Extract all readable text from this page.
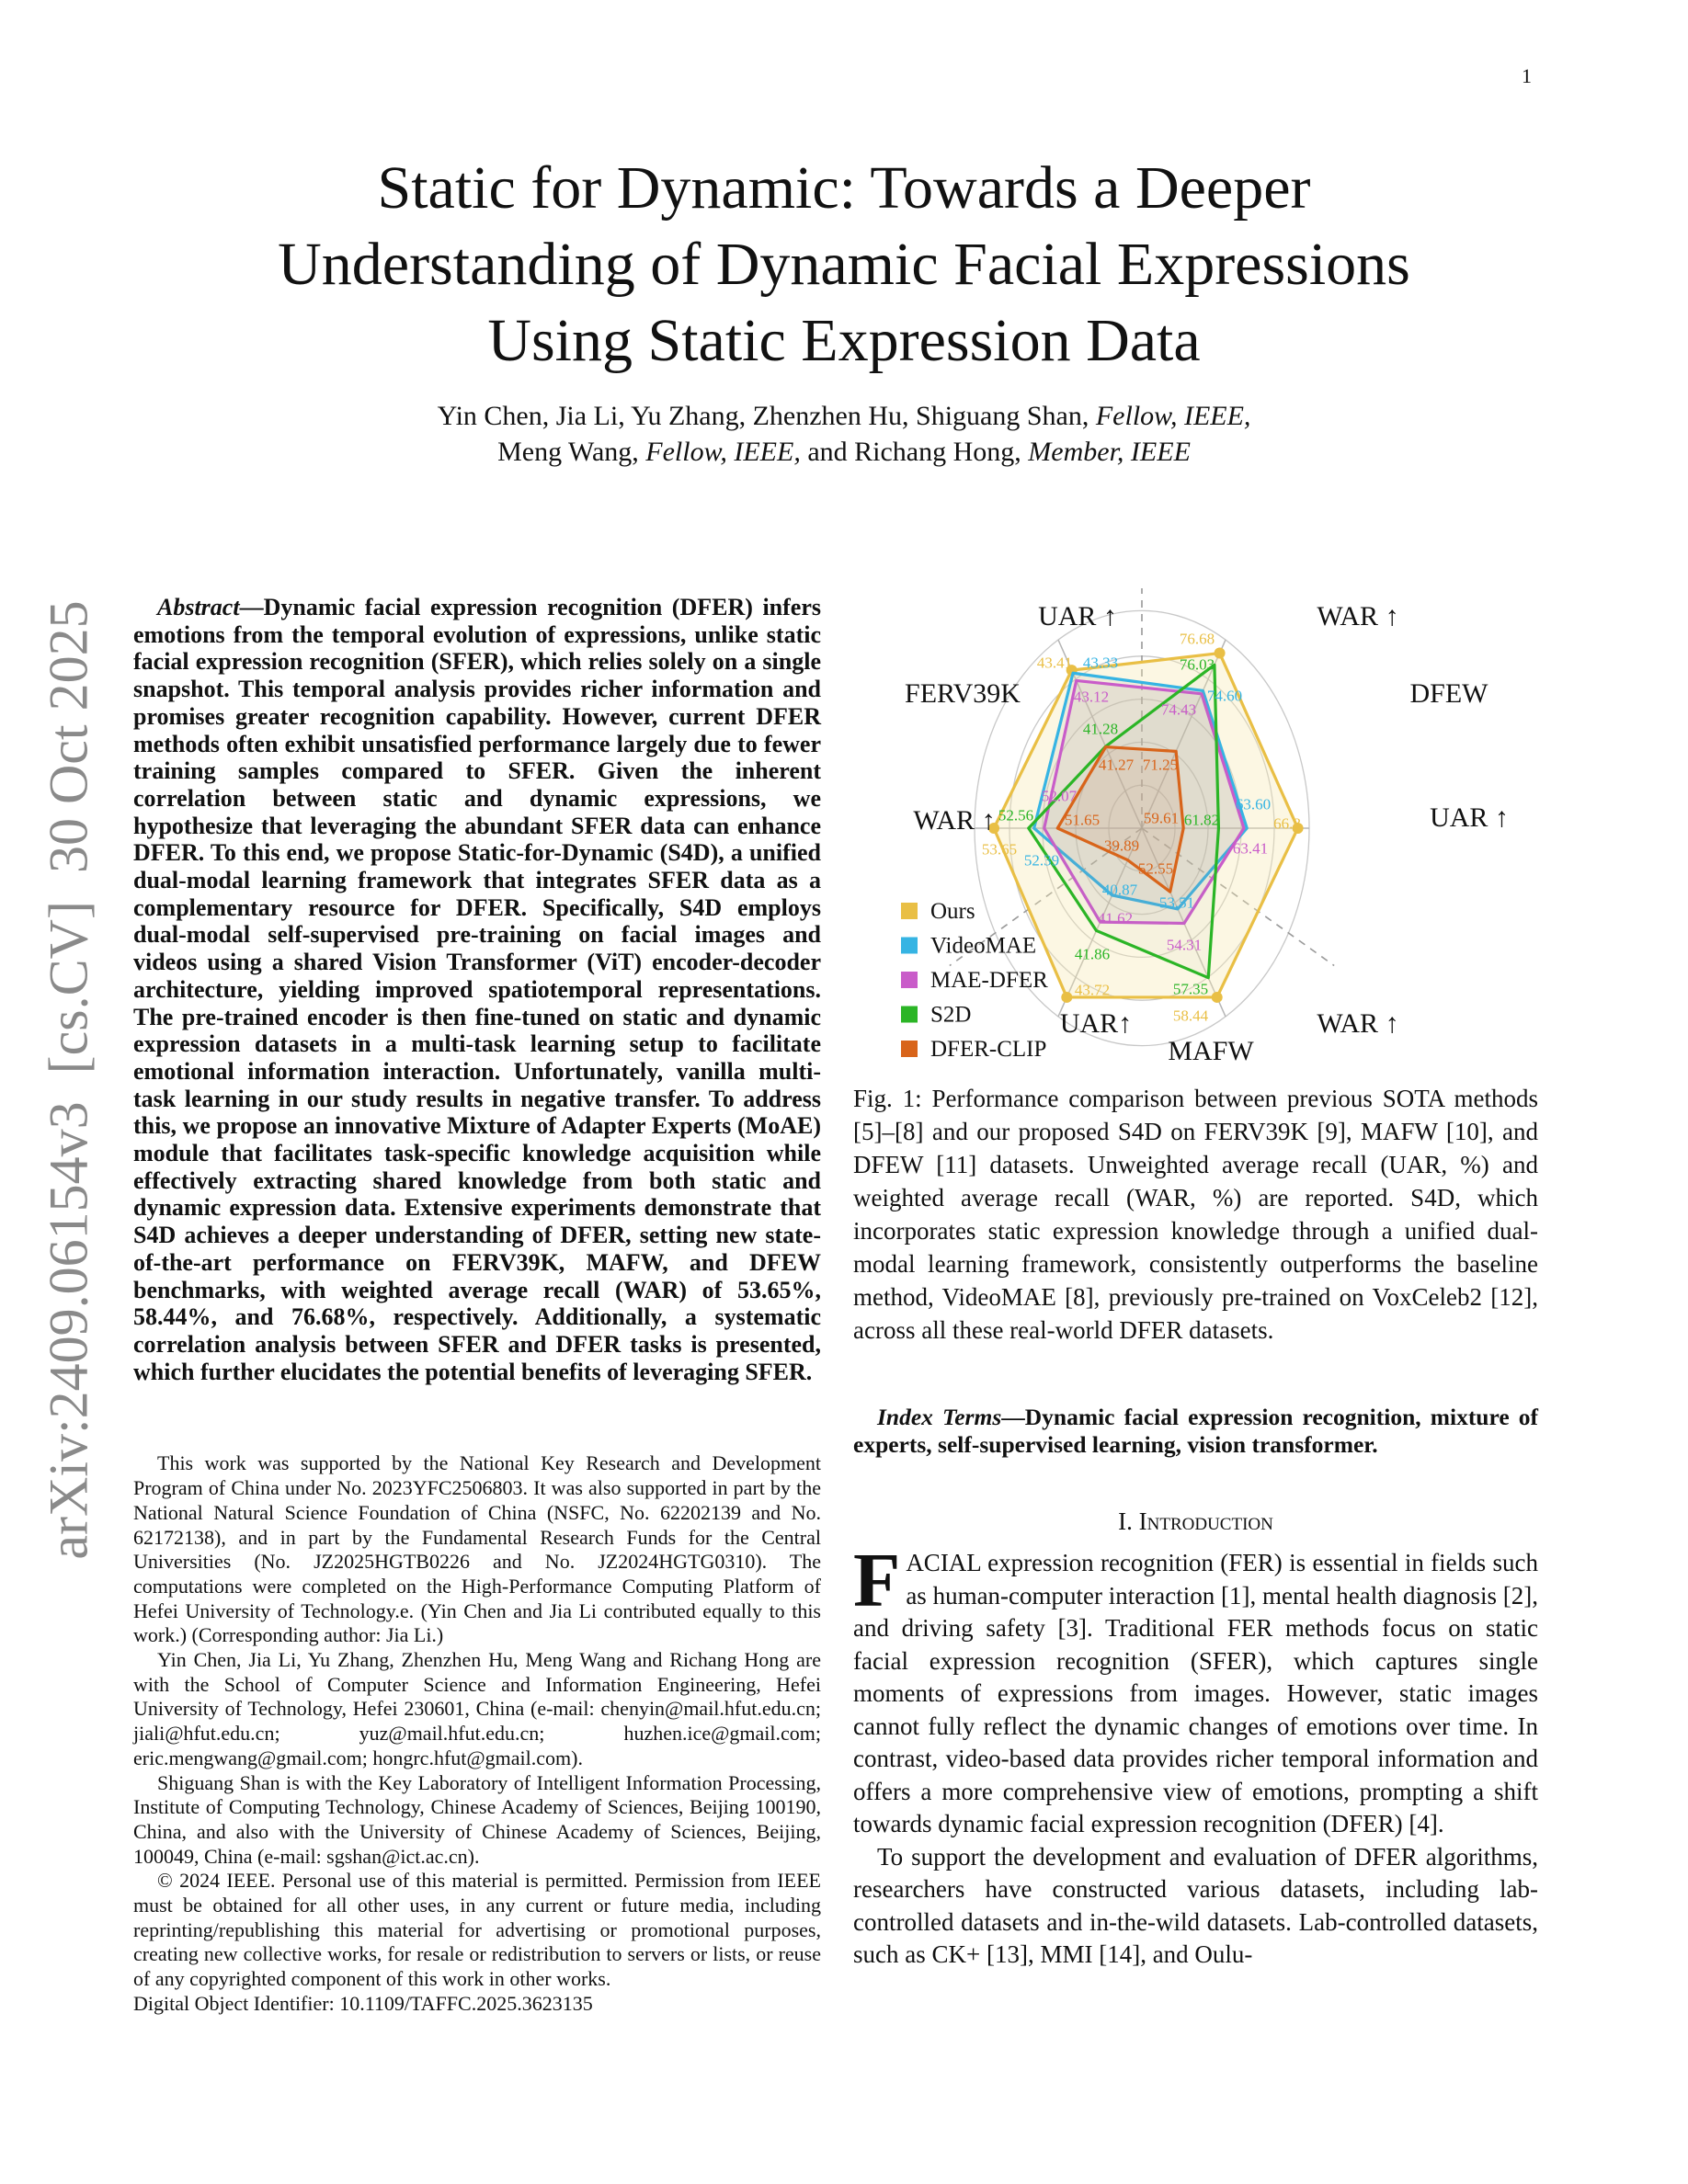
1
Static for Dynamic: Towards a Deeper
Understanding of Dynamic Facial Expressions
Using Static Expression Data
Yin Chen, Jia Li, Yu Zhang, Zhenzhen Hu, Shiguang Shan, Fellow, IEEE,
Meng Wang, Fellow, IEEE, and Richang Hong, Member, IEEE
arXiv:2409.06154v3  [cs.CV]  30 Oct 2025	Abstract—Dynamic facial expression recognition (DFER) infers emotions from the temporal evolution of expressions, unlike static facial expression recognition (SFER), which relies solely on a single snapshot. This temporal analysis provides richer information and promises greater recognition capability. However, current DFER methods often exhibit unsatisfied performance largely due to fewer training samples compared to SFER. Given the inherent correlation between static and dynamic expressions, we hypothesize that leveraging the abundant SFER data can enhance DFER. To this end, we propose Static-for-Dynamic (S4D), a unified dual-modal learning framework that integrates SFER data as a complementary resource for DFER. Specifically, S4D employs dual-modal self-supervised pre-training on facial images and videos using a shared Vision Transformer (ViT) encoder-decoder architecture, yielding improved spatiotemporal representations. The pre-trained encoder is then fine-tuned on static and dynamic expression datasets in a multi-task learning setup to facilitate emotional information interaction. Unfortunately, vanilla multi-task learning in our study results in negative transfer. To address this, we propose an innovative Mixture of Adapter Experts (MoAE) module that facilitates task-specific knowledge acquisition while effectively extracting shared knowledge from both static and dynamic expression data. Extensive experiments demonstrate that S4D achieves a deeper understanding of DFER, setting new state-of-the-art performance on FERV39K, MAFW, and DFEW benchmarks, with weighted average recall (WAR) of 53.65%, 58.44%, and 76.68%, respectively. Additionally, a systematic correlation analysis between SFER and DFER tasks is presented, which further elucidates the potential benefits of leveraging SFER.

This work was supported by the National Key Research and Development Program of China under No. 2023YFC2506803. It was also supported in part by the National Natural Science Foundation of China (NSFC, No. 62202139 and No. 62172138), and in part by the Fundamental Research Funds for the Central Universities (No. JZ2025HGTB0226 and No. JZ2024HGTG0310). The computations were completed on the High-Performance Computing Platform of Hefei University of Technology.e. (Yin Chen and Jia Li contributed equally to this work.) (Corresponding author: Jia Li.)

Yin Chen, Jia Li, Yu Zhang, Zhenzhen Hu, Meng Wang and Richang Hong are with the School of Computer Science and Information Engineering, Hefei University of Technology, Hefei 230601, China (e-mail: chenyin@mail.hfut.edu.cn; jiali@hfut.edu.cn; yuz@mail.hfut.edu.cn; huzhen.ice@gmail.com; eric.mengwang@gmail.com; hongrc.hfut@gmail.com).

Shiguang Shan is with the Key Laboratory of Intelligent Information Processing, Institute of Computing Technology, Chinese Academy of Sciences, Beijing 100190, China, and also with the University of Chinese Academy of Sciences, Beijing, 100049, China (e-mail: sgshan@ict.ac.cn).

© 2024 IEEE. Personal use of this material is permitted. Permission from IEEE must be obtained for all other uses, in any current or future media, including reprinting/republishing this material for advertising or promotional purposes, creating new collective works, for resale or redistribution to servers or lists, or reuse of any copyrighted component of this work in other works.

Digital Object Identifier: 10.1109/TAFFC.2025.3623135

66.8
76.68
43.41
53.65
43.72
58.44
63.60
74.60
43.33
52.39
40.87
53.51
63.41
74.43
43.12
52.07
41.62
54.31
61.82
76.03
41.28
52.56
41.86
57.35
59.61
71.25
41.27
51.65
39.89
52.55
UAR ↑	WAR ↑
FERV39K	DFEW
WAR ↑	UAR ↑
UAR↑	WAR ↑
MAFW
Ours
VideoMAE
MAE-DFER
S2D
DFER-CLIP

Fig. 1: Performance comparison between previous SOTA methods [5]–[8] and our proposed S4D on FERV39K [9], MAFW [10], and DFEW [11] datasets. Unweighted average recall (UAR, %) and weighted average recall (WAR, %) are reported. S4D, which incorporates static expression knowledge through a unified dual-modal learning framework, consistently outperforms the baseline method, VideoMAE [8], previously pre-trained on VoxCeleb2 [12], across all these real-world DFER datasets.

Index Terms—Dynamic facial expression recognition, mixture of experts, self-supervised learning, vision transformer.

I. Introduction

FACIAL expression recognition (FER) is essential in fields such as human-computer interaction [1], mental health diagnosis [2], and driving safety [3]. Traditional FER methods focus on static facial expression recognition (SFER), which captures single moments of expressions from images. However, static images cannot fully reflect the dynamic changes of emotions over time. In contrast, video-based data provides richer temporal information and offers a more comprehensive view of emotions, prompting a shift towards dynamic facial expression recognition (DFER) [4].

To support the development and evaluation of DFER algorithms, researchers have constructed various datasets, including lab-controlled datasets and in-the-wild datasets. Lab-controlled datasets, such as CK+ [13], MMI [14], and Oulu-
